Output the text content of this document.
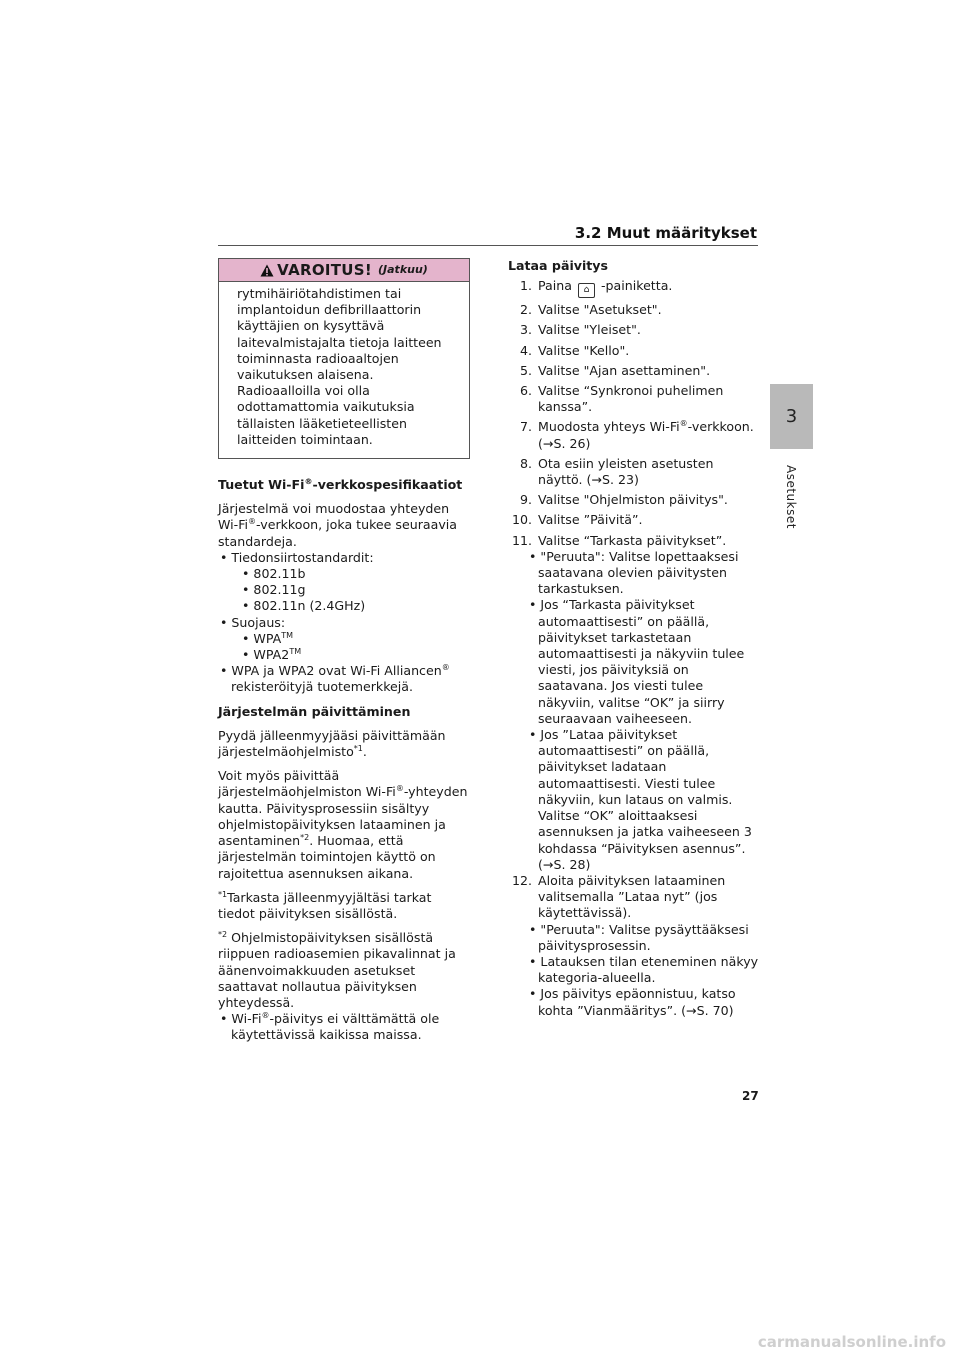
3.2 Muut määritykset
3
Asetukset
VAROITUS! (Jatkuu)

rytmihäiriötahdistimen tai implantoidun defibrillaattorin käyttäjien on kysyttävä laitevalmistajalta tietoja laitteen toiminnasta radioaaltojen vaikutuksen alaisena. Radioaalloilla voi olla odottamattomia vaikutuksia tällaisten lääketieteellisten laitteiden toimintaan.

Tuetut Wi-Fi®-verkkospesifikaatiot

Järjestelmä voi muodostaa yhteyden Wi-Fi®-verkkoon, joka tukee seuraavia standardeja.

• Tiedonsiirtostandardit:

• 802.11b

• 802.11g

• 802.11n (2.4GHz)

• Suojaus:

• WPA™

• WPA2™

• WPA ja WPA2 ovat Wi-Fi Alliancen®
rekisteröityjä tuotemerkkejä.

Järjestelmän päivittäminen

Pyydä jälleenmyyjääsi päivittämään järjestelmäohjelmisto$^{*1}$.

Voit myös päivittää järjestelmäohjelmiston Wi-Fi®-yhteyden kautta. Päivitysprosessiin sisältyy ohjelmistopäivityksen lataaminen ja asentaminen$^{*2}$. Huomaa, että järjestelmän toimintojen käyttö on rajoitettua asennuksen aikana.

$^{*1}$Tarkasta jälleenmyyjältäsi tarkat tiedot päivityksen sisällöstä.

$^{*2}$ Ohjelmistopäivityksen sisällöstä riippuen radioasemien pikavalinnat ja äänenvoimakkuuden asetukset saattavat nollautua päivityksen yhteydessä.

• Wi-Fi®-päivitys ei välttämättä ole käytettävissä kaikissa maissa.

Lataa päivitys

1. Paina ⌂ -painiketta.
2. Valitse "Asetukset".
3. Valitse "Yleiset".
4. Valitse "Kello".
5. Valitse "Ajan asettaminen".
6. Valitse “Synkronoi puhelimen kanssa”.
7. Muodosta yhteys Wi-Fi®-verkkoon. (→S. 26)
8. Ota esiin yleisten asetusten näyttö. (→S. 23)
9. Valitse "Ohjelmiston päivitys".
10. Valitse ”Päivitä”.
11. Valitse “Tarkasta päivitykset”.

• "Peruuta": Valitse lopettaaksesi saatavana olevien päivitysten tarkastuksen.

• Jos “Tarkasta päivitykset automaattisesti” on päällä, päivitykset tarkastetaan automaattisesti ja näkyviin tulee viesti, jos päivityksiä on saatavana. Jos viesti tulee näkyviin, valitse “OK” ja siirry seuraavaan vaiheeseen.

• Jos ”Lataa päivitykset automaattisesti” on päällä, päivitykset ladataan automaattisesti. Viesti tulee näkyviin, kun lataus on valmis. Valitse “OK” aloittaaksesi asennuksen ja jatka vaiheeseen 3 kohdassa “Päivityksen asennus”. (→S. 28)

12. Aloita päivityksen lataaminen valitsemalla ”Lataa nyt” (jos käytettävissä).

• "Peruuta": Valitse pysäyttääksesi päivitysprosessin.

• Latauksen tilan eteneminen näkyy kategoria-alueella.

• Jos päivitys epäonnistuu, katso kohta ”Vianmääritys”. (→S. 70)

27
carmanualsonline.info
